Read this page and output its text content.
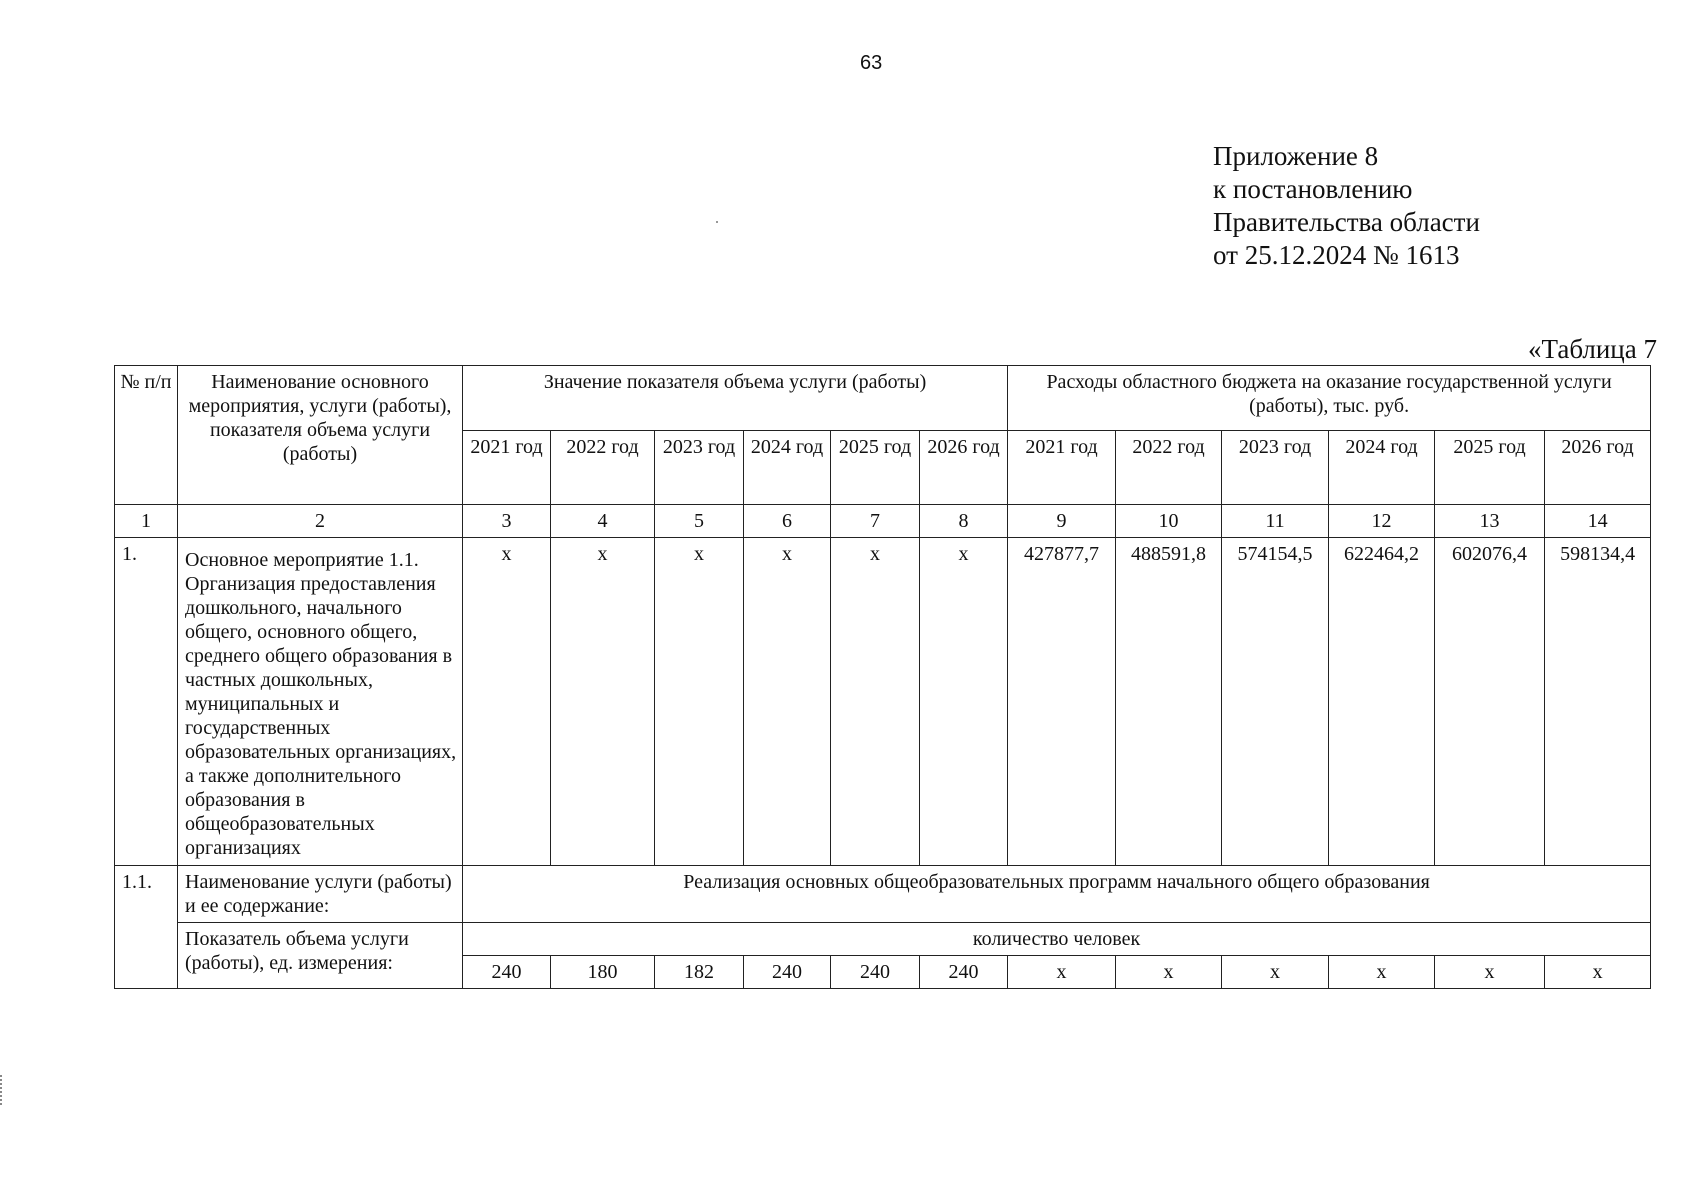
63
Приложение 8
к постановлению
Правительства области
от 25.12.2024 № 1613
«Таблица 7
№ п/п	Наименование основного мероприятия, услуги (работы), показателя объема услуги (работы)	Значение показателя объема услуги (работы)						Расходы областного бюджета на оказание государственной услуги (работы), тыс. руб.					
		2021 год	2022 год	2023 год	2024 год	2025 год	2026 год	2021 год	2022 год	2023 год	2024 год	2025 год	2026 год
1	2	3	4	5	6	7	8	9	10	11	12	13	14
1.	Основное мероприятие 1.1. Организация предоставления дошкольного, начального общего, основного общего, среднего общего образования в частных дошкольных, муниципальных и государственных образовательных организациях, а также дополнительного образования в общеобразовательных организациях	х	х	х	х	х	х	427877,7	488591,8	574154,5	622464,2	602076,4	598134,4
1.1.	Наименование услуги (работы) и ее содержание:	Реализация основных общеобразовательных программ начального общего образования											
	Показатель объема услуги (работы), ед. измерения:	количество человек											
		240	180	182	240	240	240	х	х	х	х	х	х
